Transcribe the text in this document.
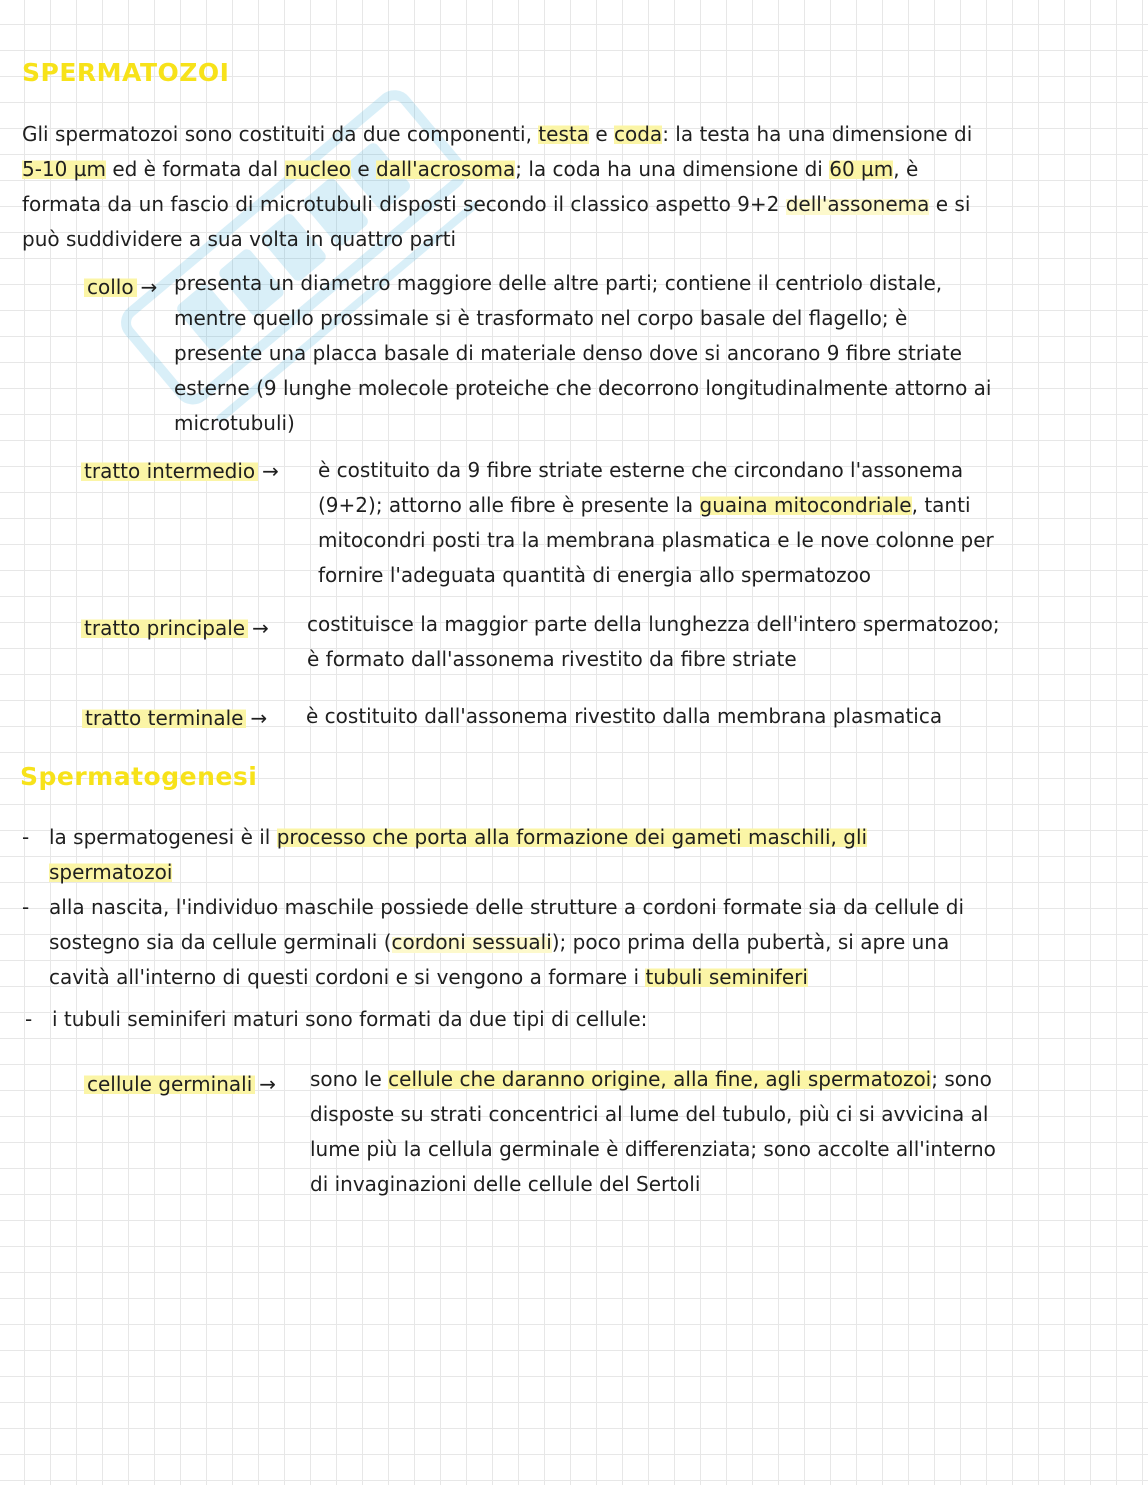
SPERMATOZOI
Gli spermatozoi sono costituiti da due componenti, testa e coda: la testa ha una dimensione di
5-10 µm ed è formata dal nucleo e dall'acrosoma; la coda ha una dimensione di 60 µm, è
formata da un fascio di microtubuli disposti secondo il classico aspetto 9+2 dell'assonema e si
può suddividere a sua volta in quattro parti
collo → presenta un diametro maggiore delle altre parti; contiene il centriolo distale,
mentre quello prossimale si è trasformato nel corpo basale del flagello; è
presente una placca basale di materiale denso dove si ancorano 9 fibre striate
esterne (9 lunghe molecole proteiche che decorrono longitudinalmente attorno ai
microtubuli)
tratto intermedio → è costituito da 9 fibre striate esterne che circondano l'assonema
(9+2); attorno alle fibre è presente la guaina mitocondriale, tanti
mitocondri posti tra la membrana plasmatica e le nove colonne per
fornire l'adeguata quantità di energia allo spermatozoo
tratto principale → costituisce la maggior parte della lunghezza dell'intero spermatozoo;
è formato dall'assonema rivestito da fibre striate
tratto terminale → è costituito dall'assonema rivestito dalla membrana plasmatica
Spermatogenesi
- la spermatogenesi è il processo che porta alla formazione dei gameti maschili, gli
spermatozoi
- alla nascita, l'individuo maschile possiede delle strutture a cordoni formate sia da cellule di
sostegno sia da cellule germinali (cordoni sessuali); poco prima della pubertà, si apre una
cavità all'interno di questi cordoni e si vengono a formare i tubuli seminiferi
- i tubuli seminiferi maturi sono formati da due tipi di cellule:
cellule germinali → sono le cellule che daranno origine, alla fine, agli spermatozoi; sono
disposte su strati concentrici al lume del tubulo, più ci si avvicina al
lume più la cellula germinale è differenziata; sono accolte all'interno
di invaginazioni delle cellule del Sertoli
